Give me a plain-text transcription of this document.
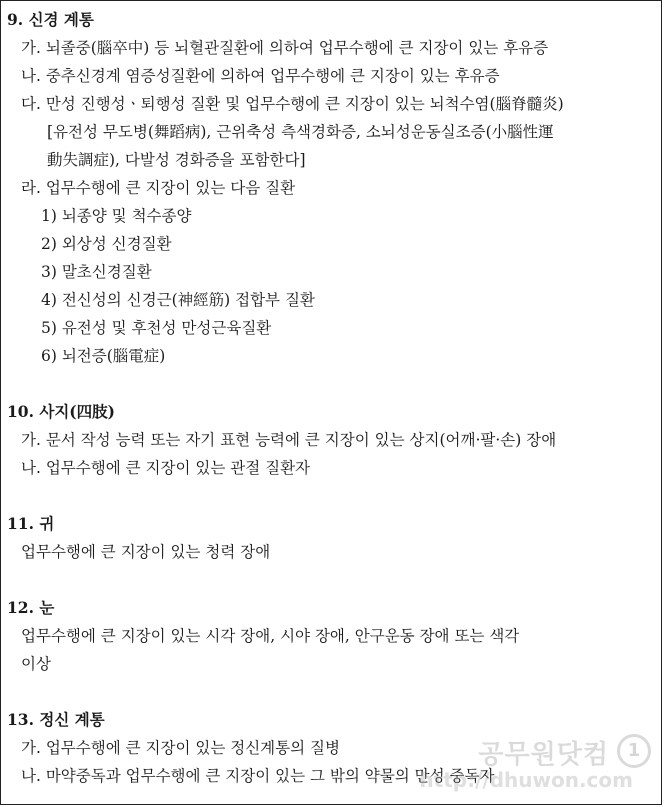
9. 신경 계통
가. 뇌졸중(腦卒中) 등 뇌혈관질환에 의하여 업무수행에 큰 지장이 있는 후유증
나. 중추신경계 염증성질환에 의하여 업무수행에 큰 지장이 있는 후유증
다. 만성 진행성ㆍ퇴행성 질환 및 업무수행에 큰 지장이 있는 뇌척수염(腦脊髓炎)
[유전성 무도병(舞蹈病), 근위축성 측색경화증, 소뇌성운동실조증(小腦性運
動失調症), 다발성 경화증을 포함한다]
라. 업무수행에 큰 지장이 있는 다음 질환
1) 뇌종양 및 척수종양
2) 외상성 신경질환
3) 말초신경질환
4) 전신성의 신경근(神經筋) 접합부 질환
5) 유전성 및 후천성 만성근육질환
6) 뇌전증(腦電症)
10. 사지(四肢)
가. 문서 작성 능력 또는 자기 표현 능력에 큰 지장이 있는 상지(어깨·팔·손) 장애
나. 업무수행에 큰 지장이 있는 관절 질환자
11. 귀
업무수행에 큰 지장이 있는 청력 장애
12. 눈
업무수행에 큰 지장이 있는 시각 장애, 시야 장애, 안구운동 장애 또는 색각
이상
13. 정신 계통
가. 업무수행에 큰 지장이 있는 정신계통의 질병
나. 마약중독과 업무수행에 큰 지장이 있는 그 밖의 약물의 만성 중독자
공무원닷컴	1
http://dhuwon.com
